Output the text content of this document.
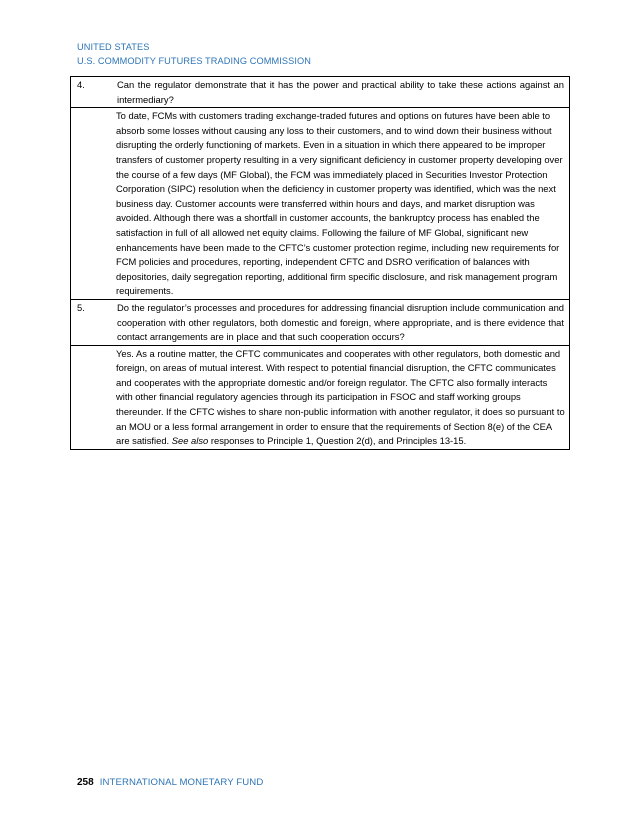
UNITED STATES
U.S. COMMODITY FUTURES TRADING COMMISSION
4.	Can the regulator demonstrate that it has the power and practical ability to take these actions against an intermediary?
	To date, FCMs with customers trading exchange-traded futures and options on futures have been able to absorb some losses without causing any loss to their customers, and to wind down their business without disrupting the orderly functioning of markets. Even in a situation in which there appeared to be improper transfers of customer property resulting in a very significant deficiency in customer property developing over the course of a few days (MF Global), the FCM was immediately placed in Securities Investor Protection Corporation (SIPC) resolution when the deficiency in customer property was identified, which was the next business day. Customer accounts were transferred within hours and days, and market disruption was avoided. Although there was a shortfall in customer accounts, the bankruptcy process has enabled the satisfaction in full of all allowed net equity claims. Following the failure of MF Global, significant new enhancements have been made to the CFTC’s customer protection regime, including new requirements for FCM policies and procedures, reporting, independent CFTC and DSRO verification of balances with depositories, daily segregation reporting, additional firm specific disclosure, and risk management program requirements.
5.	Do the regulator’s processes and procedures for addressing financial disruption include communication and cooperation with other regulators, both domestic and foreign, where appropriate, and is there evidence that contact arrangements are in place and that such cooperation occurs?
	Yes. As a routine matter, the CFTC communicates and cooperates with other regulators, both domestic and foreign, on areas of mutual interest. With respect to potential financial disruption, the CFTC communicates and cooperates with the appropriate domestic and/or foreign regulator. The CFTC also formally interacts with other financial regulatory agencies through its participation in FSOC and staff working groups thereunder. If the CFTC wishes to share non-public information with another regulator, it does so pursuant to an MOU or a less formal arrangement in order to ensure that the requirements of Section 8(e) of the CEA are satisfied. See also responses to Principle 1, Question 2(d), and Principles 13-15.
258 INTERNATIONAL MONETARY FUND
